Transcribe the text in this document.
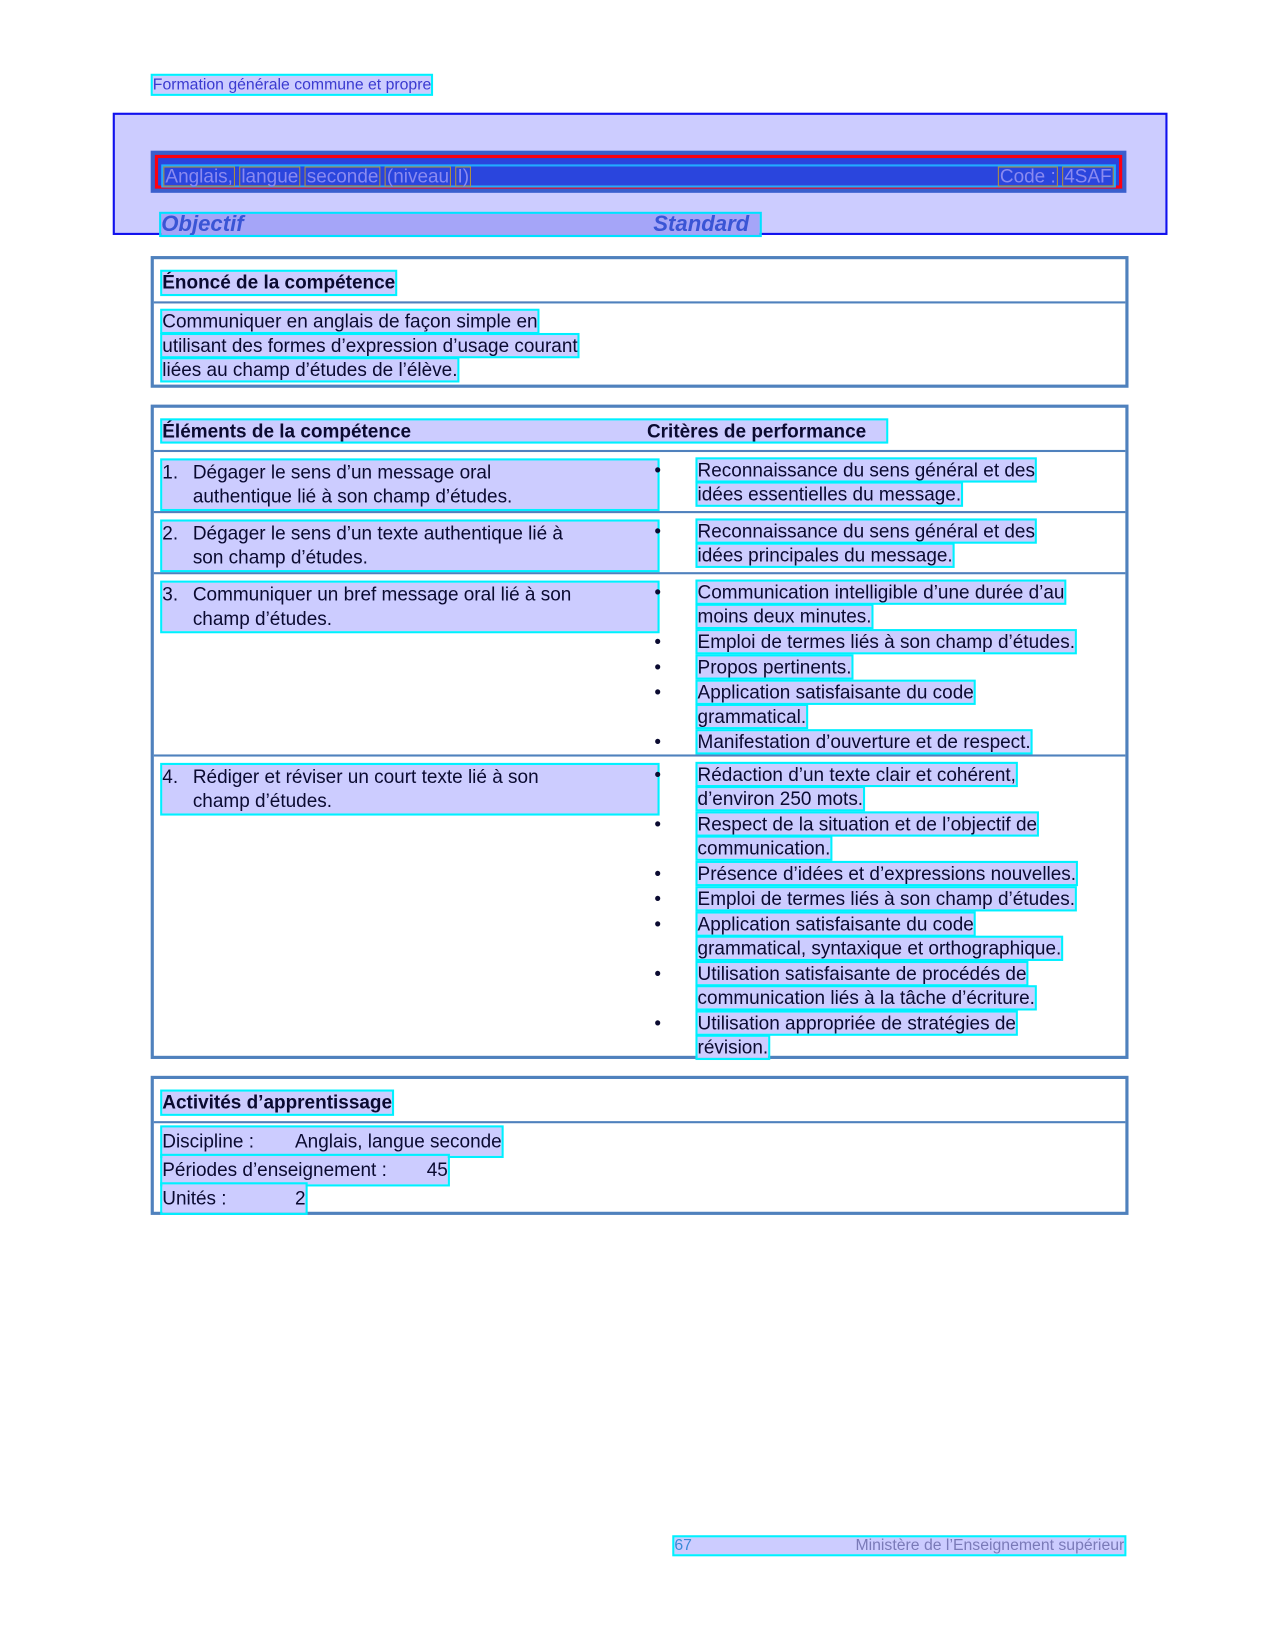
Formation générale commune et propre
Anglais, langue seconde (niveau I)	Code : 4SAF
Objectif	Standard
Énoncé de la compétence
Communiquer en anglais de façon simple en
utilisant des formes d’expression d’usage courant
liées au champ d’études de l’élève.
Éléments de la compétence	Critères de performance
1. Dégager le sens d’un message oral
authentique lié à son champ d’études.
• Reconnaissance du sens général et des
idées essentielles du message.
2. Dégager le sens d’un texte authentique lié à
son champ d’études.
• Reconnaissance du sens général et des
idées principales du message.
3. Communiquer un bref message oral lié à son
champ d’études.
• Communication intelligible d’une durée d’au
moins deux minutes.
• Emploi de termes liés à son champ d’études.
• Propos pertinents.
• Application satisfaisante du code
grammatical.
• Manifestation d’ouverture et de respect.
4. Rédiger et réviser un court texte lié à son
champ d’études.
• Rédaction d’un texte clair et cohérent,
d’environ 250 mots.
• Respect de la situation et de l’objectif de
communication.
• Présence d’idées et d’expressions nouvelles.
• Emploi de termes liés à son champ d’études.
• Application satisfaisante du code
grammatical, syntaxique et orthographique.
• Utilisation satisfaisante de procédés de
communication liés à la tâche d’écriture.
• Utilisation appropriée de stratégies de
révision.
Activités d’apprentissage
Discipline : Anglais, langue seconde
Périodes d’enseignement : 45
Unités :	2
67	Ministère de l’Enseignement supérieur
